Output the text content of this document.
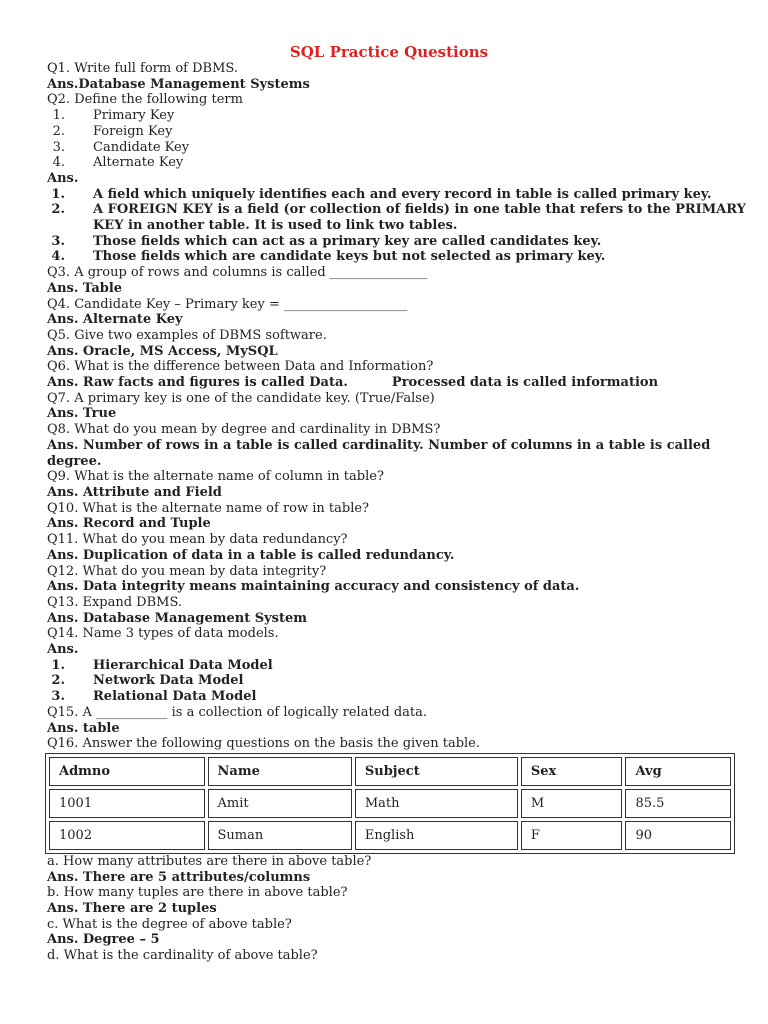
SQL Practice Questions
Q1. Write full form of DBMS.
Ans.Database Management Systems
Q2. Define the following term
1. Primary Key
2. Foreign Key
3. Candidate Key
4. Alternate Key
Ans.
1. A field which uniquely identifies each and every record in table is called primary key.
2. A FOREIGN KEY is a field (or collection of fields) in one table that refers to the PRIMARY KEY in another table. It is used to link two tables.
3. Those fields which can act as a primary key are called candidates key.
4. Those fields which are candidate keys but not selected as primary key.
Q3. A group of rows and columns is called _______________
Ans. Table
Q4. Candidate Key – Primary key = ___________________
Ans. Alternate Key
Q5. Give two examples of DBMS software.
Ans. Oracle, MS Access, MySQL
Q6. What is the difference between Data and Information?
Ans. Raw facts and figures is called Data.	Processed data is called information
Q7. A primary key is one of the candidate key. (True/False)
Ans. True
Q8. What do you mean by degree and cardinality in DBMS?
Ans. Number of rows in a table is called cardinality. Number of columns in a table is called degree.
Q9. What is the alternate name of column in table?
Ans. Attribute and Field
Q10. What is the alternate name of row in table?
Ans. Record and Tuple
Q11. What do you mean by data redundancy?
Ans. Duplication of data in a table is called redundancy.
Q12. What do you mean by data integrity?
Ans. Data integrity means maintaining accuracy and consistency of data.
Q13. Expand DBMS.
Ans. Database Management System
Q14. Name 3 types of data models.
Ans.
1. Hierarchical Data Model
2. Network Data Model
3. Relational Data Model
Q15. A ___________ is a collection of logically related data.
Ans. table
Q16. Answer the following questions on the basis the given table.
Admno	Name	Subject	Sex	Avg
1001	Amit	Math	M	85.5
1002	Suman	English	F	90
a. How many attributes are there in above table?
Ans. There are 5 attributes/columns
b. How many tuples are there in above table?
Ans. There are 2 tuples
c. What is the degree of above table?
Ans. Degree – 5
d. What is the cardinality of above table?
